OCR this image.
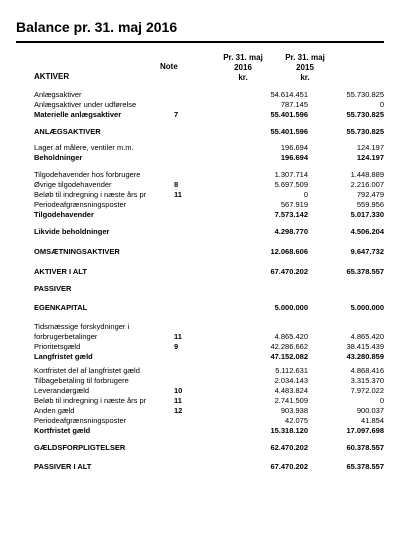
Balance pr. 31. maj 2016
Pr. 31. maj
2016
kr.
Pr. 31. maj
2015
kr.
Note
AKTIVER
Anlægsaktiver	54.614.451	55.730.825
Anlægsaktiver under udførelse	787.145	0
Materielle anlægsaktiver	7	55.401.596	55.730.825
ANLÆGSAKTIVER	55.401.596	55.730.825
Lager af målere, ventiler m.m.	196.694	124.197
Beholdninger	196.694	124.197
Tilgodehavender hos forbrugere	1.307.714	1.448.889
Øvrige tilgodehavender	8	5.697.509	2.216.007
Beløb til indregning i næste års pr	11	0	792.479
Periodeafgrænsningsposter	567.919	559.956
Tilgodehavender	7.573.142	5.017.330
Likvide beholdninger	4.298.770	4.506.204
OMSÆTNINGSAKTIVER	12.068.606	9.647.732
AKTIVER I ALT	67.470.202	65.378.557
PASSIVER
EGENKAPITAL	5.000.000	5.000.000
Tidsmæssige forskydninger i
forbrugerbetalinger	11	4.865.420	4.865.420
Prioritetsgæld	9	42.286.662	38.415.439
Langfristet gæld	47.152.082	43.280.859
Kortfristet del af langfristet gæld	5.112.631	4.868.416
Tilbagebetaling til forbrugere	2.034.143	3.315.370
Leverandørgæld	10	4.483.824	7.972.022
Beløb til indregning i næste års pr	11	2.741.509	0
Anden gæld	12	903.938	900.037
Periodeafgrænsningsposter	42.075	41.854
Kortfristet gæld	15.318.120	17.097.698
GÆLDSFORPLIGTELSER	62.470.202	60.378.557
PASSIVER I ALT	67.470.202	65.378.557
